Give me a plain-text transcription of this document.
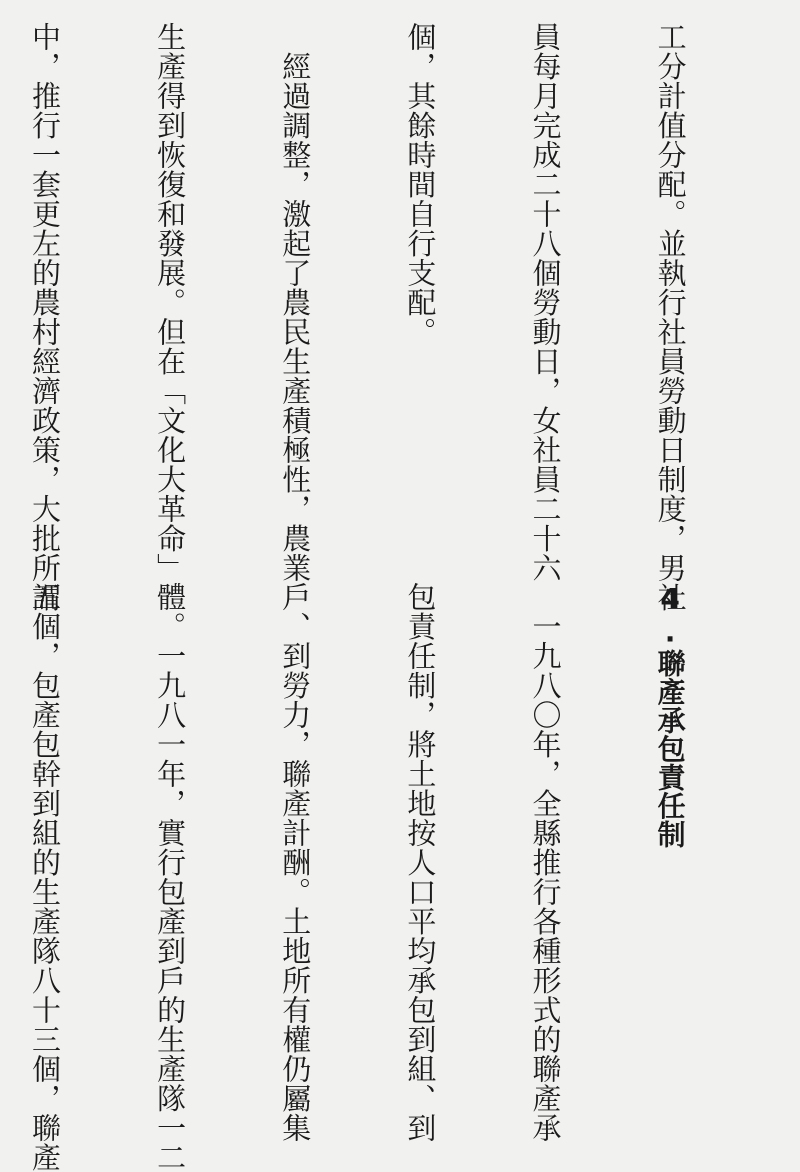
工分計值分配。並執行社員勞動日制度，男社

員每月完成二十八個勞動日，女社員二十六

個，其餘時間自行支配。

　經過調整，激起了農民生產積極性，農業

生產得到恢復和發展。但在「文化大革命」

中，推行一套更左的農村經濟政策，大批所謂

4.聯產承包責任制

　一九八〇年，全縣推行各種形式的聯產承

包責任制，將土地按人口平均承包到組、到

戶、到勞力，聯產計酬。土地所有權仍屬集

體。一九八一年，實行包產到戶的生產隊一二

五個，包產包幹到組的生產隊八十三個，聯產
